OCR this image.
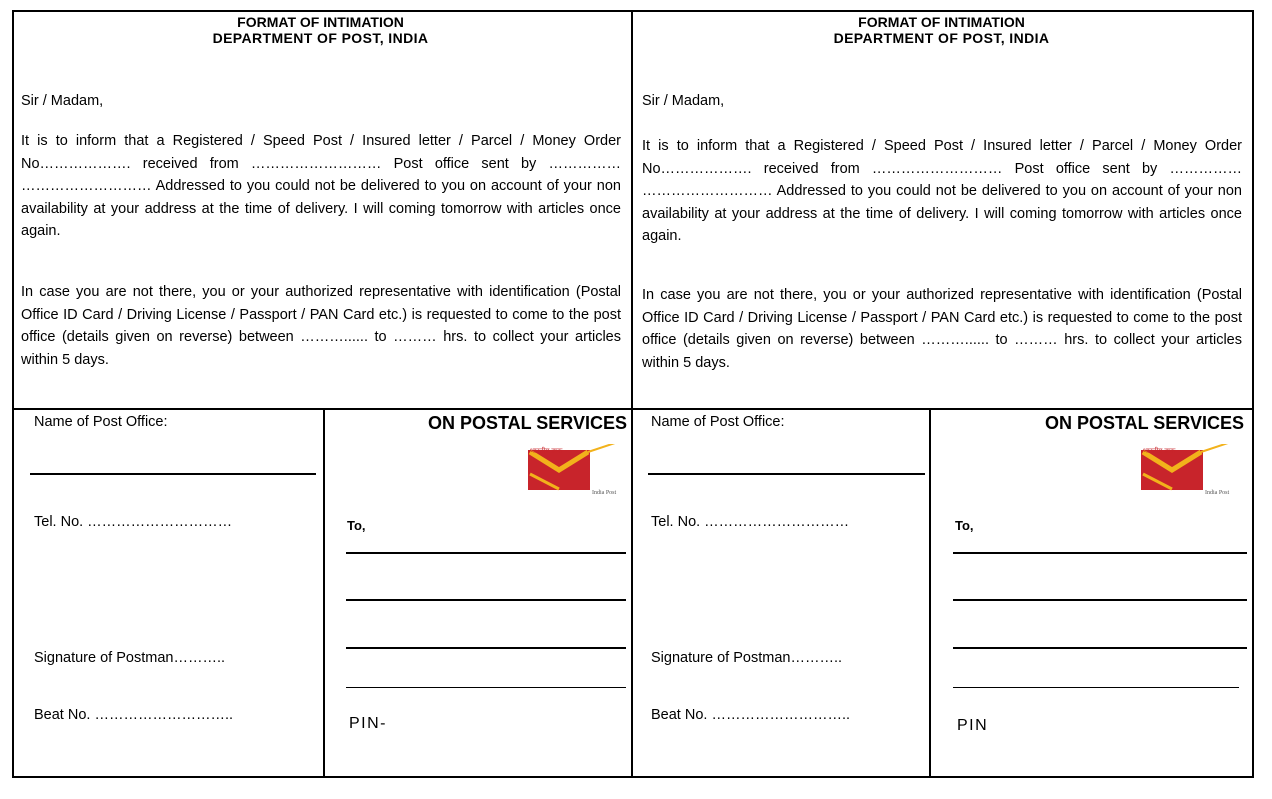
FORMAT OF INTIMATION
DEPARTMENT OF POST, INDIA
Sir / Madam,
It is to inform that a Registered / Speed Post / Insured letter / Parcel / Money Order No………………. received from ……………………… Post office sent by …………… ……………………… Addressed to you could not be delivered to you on account of your non availability at your address at the time of delivery. I will coming tomorrow with articles once again.
In case you are not there, you or your authorized representative with identification (Postal Office ID Card / Driving License / Passport / PAN Card etc.) is requested to come to the post office (details given on reverse) between ………...... to ……… hrs. to collect your articles within 5 days.
FORMAT OF INTIMATION
DEPARTMENT OF POST, INDIA
Sir / Madam,
It is to inform that a Registered / Speed Post / Insured letter / Parcel / Money Order No………………. received from ……………………… Post office sent by …………… ……………………… Addressed to you could not be delivered to you on account of your non availability at your address at the time of delivery. I will coming tomorrow with articles once again.
In case you are not there, you or your authorized representative with identification (Postal Office ID Card / Driving License / Passport / PAN Card etc.) is requested to come to the post office (details given on reverse) between ………...... to ……… hrs. to collect your articles within 5 days.
Name of Post Office:
Tel. No. …………………………
Signature of Postman………..
Beat No. ………………………..
ON POSTAL SERVICES
भारतीय डाक
India Post
To,
PIN-
Name of Post Office:
Tel. No. …………………………
Signature of Postman………..
Beat No. ………………………..
ON POSTAL SERVICES
भारतीय डाक
India Post
To,
PIN
